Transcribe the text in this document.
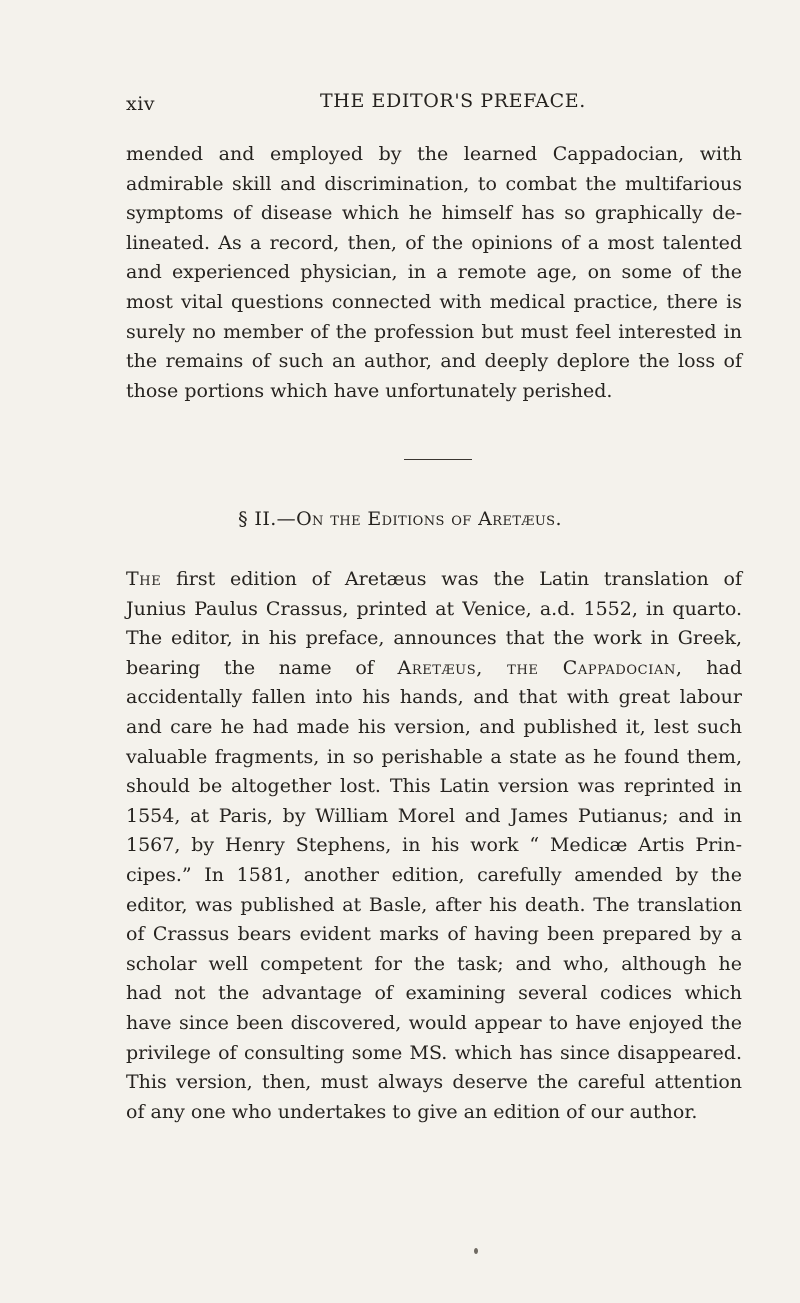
xiv	THE EDITOR'S PREFACE.

mended and employed by the learned Cappadocian, with
admirable skill and discrimination, to combat the multifarious
symptoms of disease which he himself has so graphically de-
lineated. As a record, then, of the opinions of a most talented
and experienced physician, in a remote age, on some of the
most vital questions connected with medical practice, there is
surely no member of the profession but must feel interested in
the remains of such an author, and deeply deplore the loss of
those portions which have unfortunately perished.

§ II.—On the Editions of Aretæus.

The first edition of Aretæus was the Latin translation of
Junius Paulus Crassus, printed at Venice, a.d. 1552, in quarto.
The editor, in his preface, announces that the work in Greek,
bearing the name of Aretæus, the Cappadocian, had
accidentally fallen into his hands, and that with great labour
and care he had made his version, and published it, lest such
valuable fragments, in so perishable a state as he found them,
should be altogether lost. This Latin version was reprinted in
1554, at Paris, by William Morel and James Putianus; and in
1567, by Henry Stephens, in his work “ Medicæ Artis Prin-
cipes.” In 1581, another edition, carefully amended by the
editor, was published at Basle, after his death. The translation
of Crassus bears evident marks of having been prepared by a
scholar well competent for the task; and who, although he
had not the advantage of examining several codices which
have since been discovered, would appear to have enjoyed the
privilege of consulting some MS. which has since disappeared.
This version, then, must always deserve the careful attention
of any one who undertakes to give an edition of our author.
